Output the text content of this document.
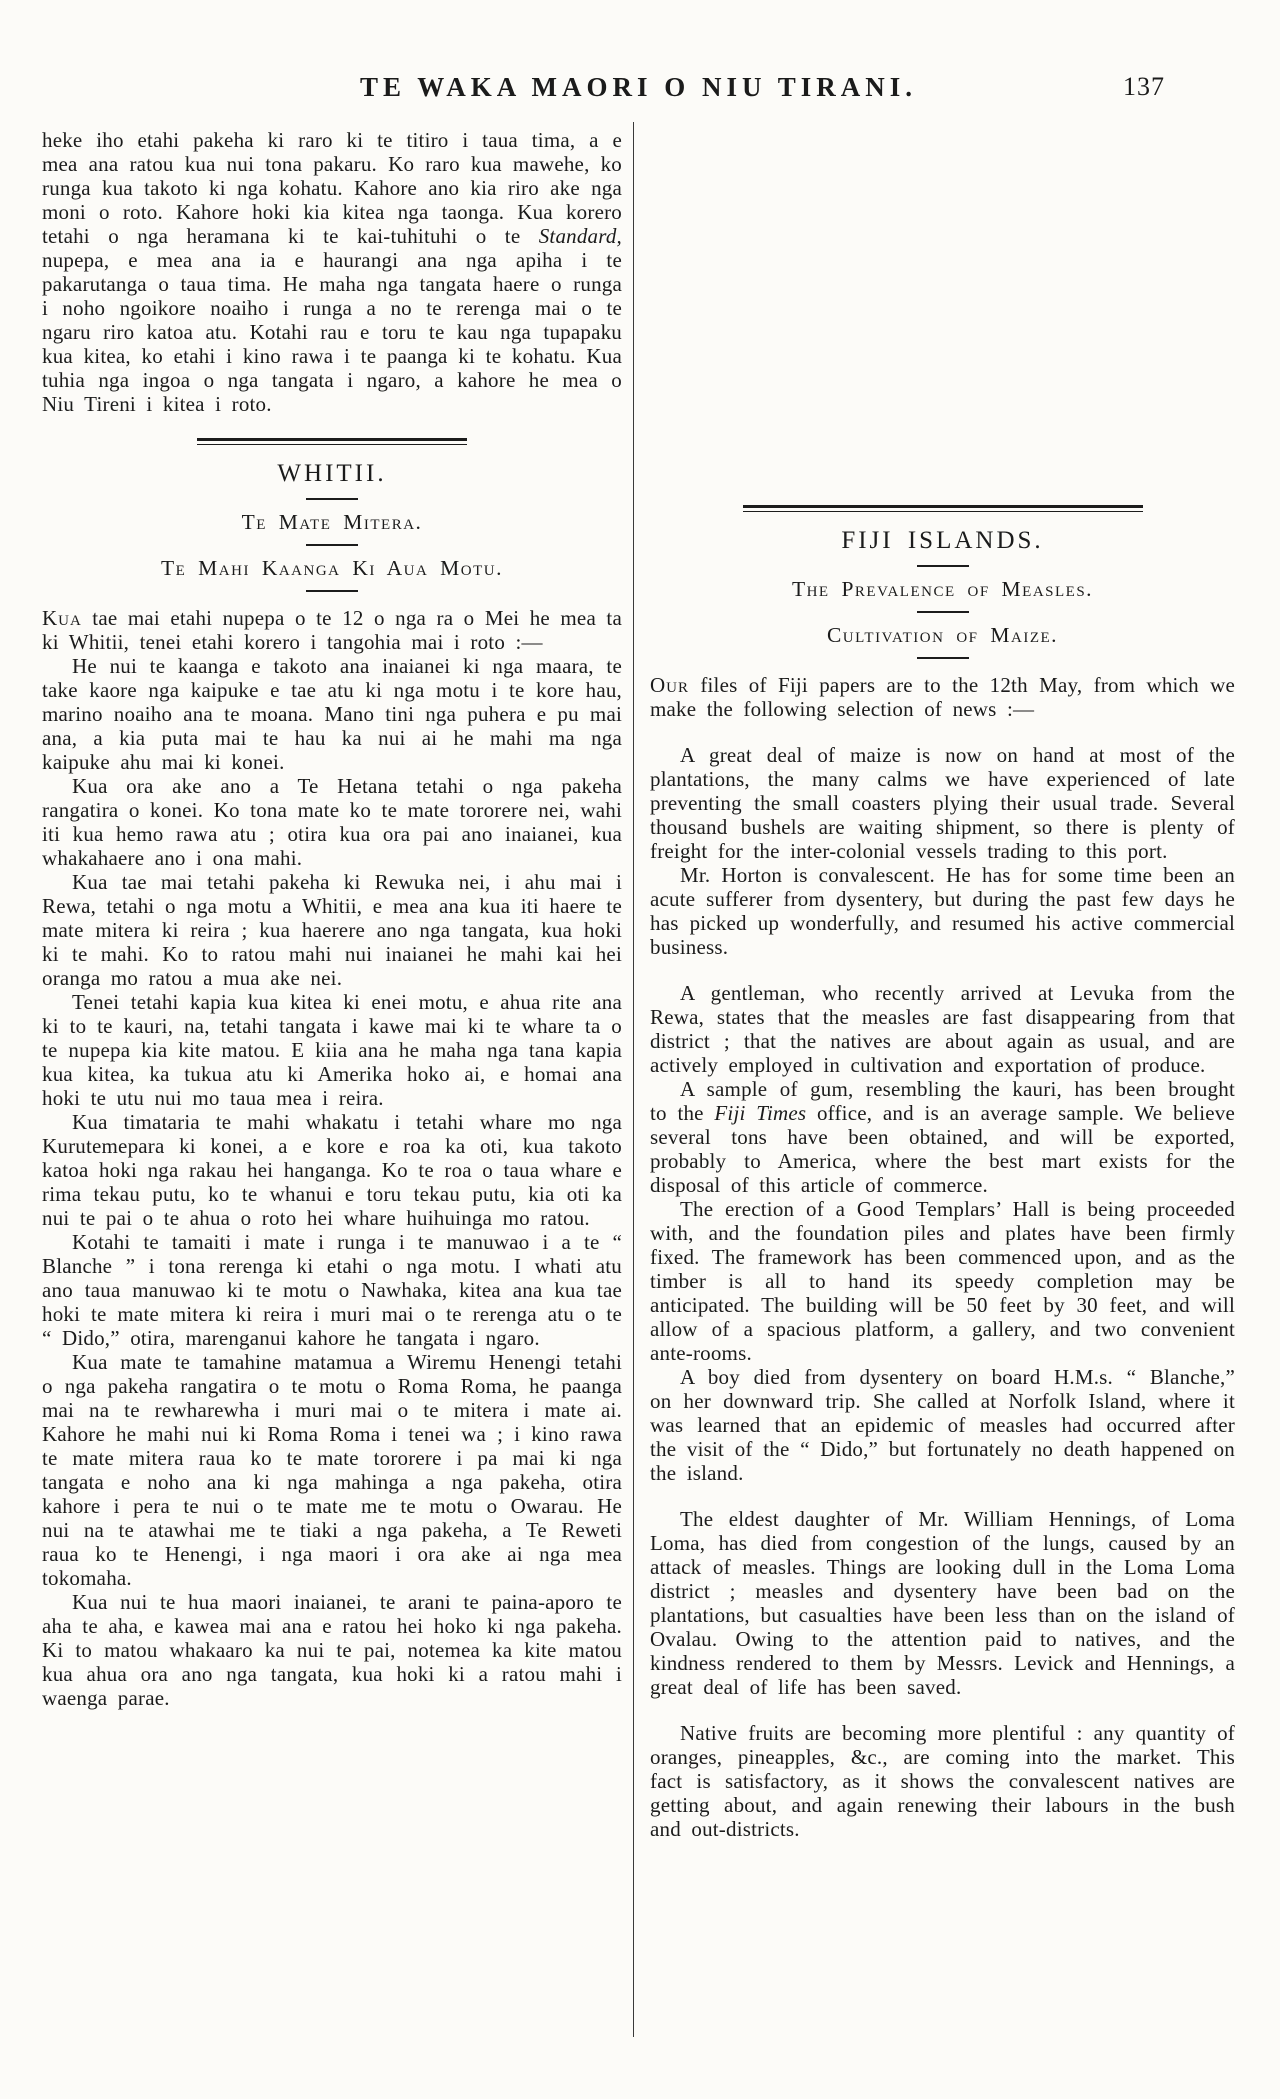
TE WAKA MAORI O NIU TIRANI.	137

heke iho etahi pakeha ki raro ki te titiro i taua tima, a e mea ana ratou kua nui tona pakaru. Ko raro kua mawehe, ko runga kua takoto ki nga kohatu. Kahore ano kia riro ake nga moni o roto. Kahore hoki kia kitea nga taonga. Kua korero tetahi o nga heramana ki te kai-tuhituhi o te Standard, nupepa, e mea ana ia e haurangi ana nga apiha i te pakarutanga o taua tima. He maha nga tangata haere o runga i noho ngoikore noaiho i runga a no te rerenga mai o te ngaru riro katoa atu. Kotahi rau e toru te kau nga tupapaku kua kitea, ko etahi i kino rawa i te paanga ki te kohatu. Kua tuhia nga ingoa o nga tangata i ngaro, a kahore he mea o Niu Tireni i kitea i roto.

WHITII.
Te Mate Mitera.
Te Mahi Kaanga Ki Aua Motu.

Kua tae mai etahi nupepa o te 12 o nga ra o Mei he mea ta ki Whitii, tenei etahi korero i tangohia mai i roto :—

He nui te kaanga e takoto ana inaianei ki nga maara, te take kaore nga kaipuke e tae atu ki nga motu i te kore hau, marino noaiho ana te moana. Mano tini nga puhera e pu mai ana, a kia puta mai te hau ka nui ai he mahi ma nga kaipuke ahu mai ki konei.

Kua ora ake ano a Te Hetana tetahi o nga pakeha rangatira o konei. Ko tona mate ko te mate tororere nei, wahi iti kua hemo rawa atu ; otira kua ora pai ano inaianei, kua whakahaere ano i ona mahi.

Kua tae mai tetahi pakeha ki Rewuka nei, i ahu mai i Rewa, tetahi o nga motu a Whitii, e mea ana kua iti haere te mate mitera ki reira ; kua haerere ano nga tangata, kua hoki ki te mahi. Ko to ratou mahi nui inaianei he mahi kai hei oranga mo ratou a mua ake nei.

Tenei tetahi kapia kua kitea ki enei motu, e ahua rite ana ki to te kauri, na, tetahi tangata i kawe mai ki te whare ta o te nupepa kia kite matou. E kiia ana he maha nga tana kapia kua kitea, ka tukua atu ki Amerika hoko ai, e homai ana hoki te utu nui mo taua mea i reira.

Kua timataria te mahi whakatu i tetahi whare mo nga Kurutemepara ki konei, a e kore e roa ka oti, kua takoto katoa hoki nga rakau hei hanganga. Ko te roa o taua whare e rima tekau putu, ko te whanui e toru tekau putu, kia oti ka nui te pai o te ahua o roto hei whare huihuinga mo ratou.

Kotahi te tamaiti i mate i runga i te manuwao i a te “ Blanche ” i tona rerenga ki etahi o nga motu. I whati atu ano taua manuwao ki te motu o Nawhaka, kitea ana kua tae hoki te mate mitera ki reira i muri mai o te rerenga atu o te “ Dido,” otira, marenganui kahore he tangata i ngaro.

Kua mate te tamahine matamua a Wiremu Henengi tetahi o nga pakeha rangatira o te motu o Roma Roma, he paanga mai na te rewharewha i muri mai o te mitera i mate ai. Kahore he mahi nui ki Roma Roma i tenei wa ; i kino rawa te mate mitera raua ko te mate tororere i pa mai ki nga tangata e noho ana ki nga mahinga a nga pakeha, otira kahore i pera te nui o te mate me te motu o Owarau. He nui na te atawhai me te tiaki a nga pakeha, a Te Reweti raua ko te Henengi, i nga maori i ora ake ai nga mea tokomaha.

Kua nui te hua maori inaianei, te arani te paina-aporo te aha te aha, e kawea mai ana e ratou hei hoko ki nga pakeha. Ki to matou whakaaro ka nui te pai, notemea ka kite matou kua ahua ora ano nga tangata, kua hoki ki a ratou mahi i waenga parae.

FIJI ISLANDS.
The Prevalence of Measles.
Cultivation of Maize.

Our files of Fiji papers are to the 12th May, from which we make the following selection of news :—

A great deal of maize is now on hand at most of the plantations, the many calms we have experienced of late preventing the small coasters plying their usual trade. Several thousand bushels are waiting shipment, so there is plenty of freight for the inter-colonial vessels trading to this port.

Mr. Horton is convalescent. He has for some time been an acute sufferer from dysentery, but during the past few days he has picked up wonderfully, and resumed his active commercial business.

A gentleman, who recently arrived at Levuka from the Rewa, states that the measles are fast disappearing from that district ; that the natives are about again as usual, and are actively employed in cultivation and exportation of produce.

A sample of gum, resembling the kauri, has been brought to the Fiji Times office, and is an average sample. We believe several tons have been obtained, and will be exported, probably to America, where the best mart exists for the disposal of this article of commerce.

The erection of a Good Templars’ Hall is being proceeded with, and the foundation piles and plates have been firmly fixed. The framework has been commenced upon, and as the timber is all to hand its speedy completion may be anticipated. The building will be 50 feet by 30 feet, and will allow of a spacious platform, a gallery, and two convenient ante-rooms.

A boy died from dysentery on board H.M.s. “ Blanche,” on her downward trip. She called at Norfolk Island, where it was learned that an epidemic of measles had occurred after the visit of the “ Dido,” but fortunately no death happened on the island.

The eldest daughter of Mr. William Hennings, of Loma Loma, has died from congestion of the lungs, caused by an attack of measles. Things are looking dull in the Loma Loma district ; measles and dysentery have been bad on the plantations, but casualties have been less than on the island of Ovalau. Owing to the attention paid to natives, and the kindness rendered to them by Messrs. Levick and Hennings, a great deal of life has been saved.

Native fruits are becoming more plentiful : any quantity of oranges, pineapples, &c., are coming into the market. This fact is satisfactory, as it shows the convalescent natives are getting about, and again renewing their labours in the bush and out-districts.
